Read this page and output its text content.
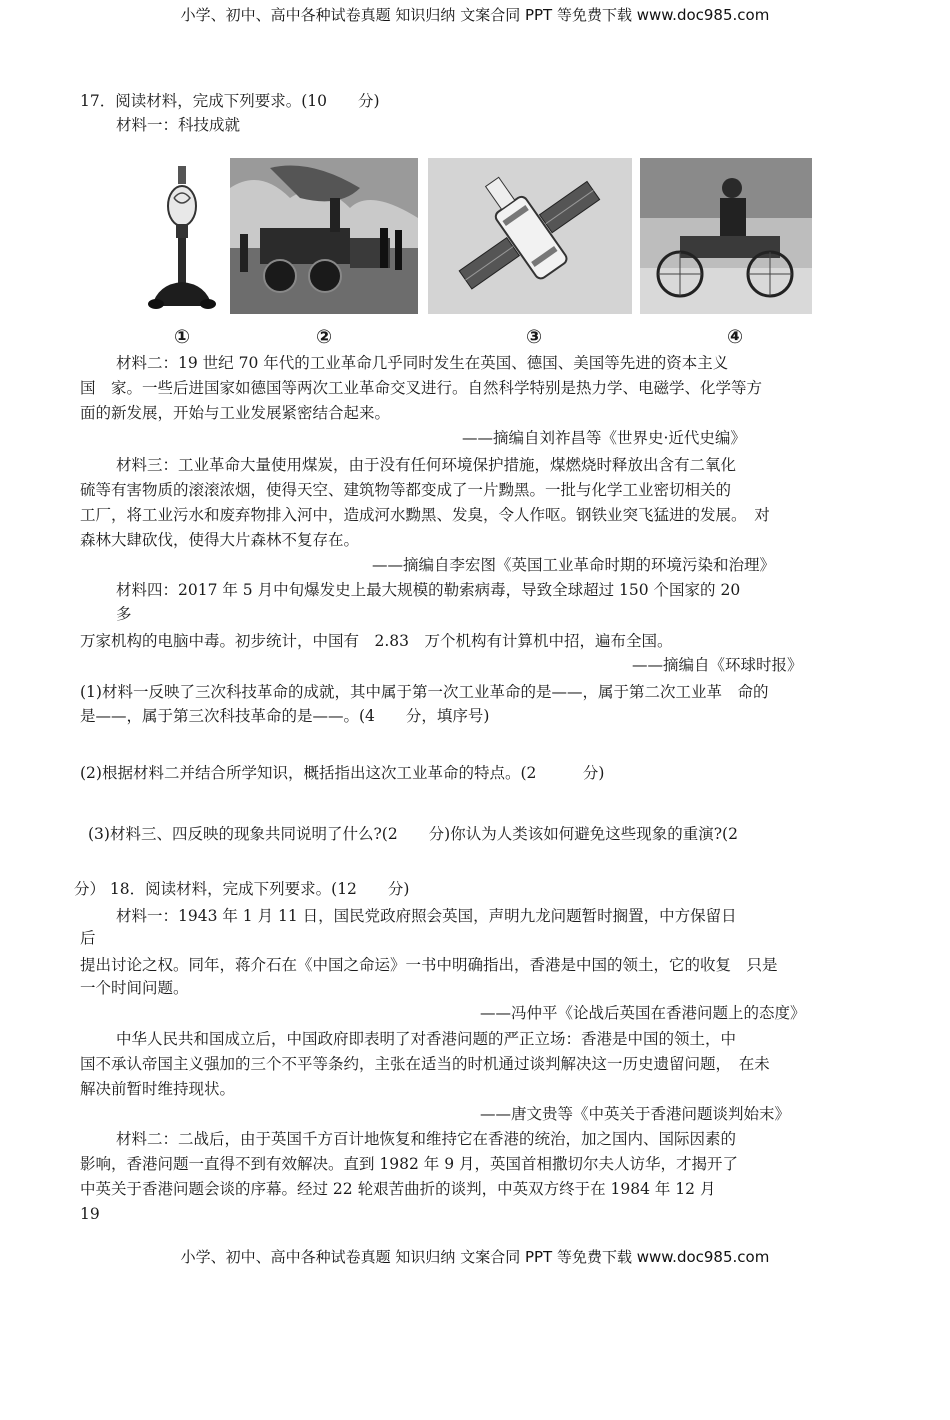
小学、初中、高中各种试卷真题 知识归纳 文案合同 PPT 等免费下载 www.doc985.com
17．阅读材料，完成下列要求。(10　　分)
材料一：科技成就
①	②	③	④
材料二：19 世纪 70 年代的工业革命几乎同时发生在英国、德国、美国等先进的资本主义
国　家。一些后进国家如德国等两次工业革命交叉进行。自然科学特别是热力学、电磁学、化学等方
面的新发展，开始与工业发展紧密结合起来。
——摘编自刘祚昌等《世界史·近代史编》
材料三：工业革命大量使用煤炭，由于没有任何环境保护措施，煤燃烧时释放出含有二氧化
硫等有害物质的滚滚浓烟，使得天空、建筑物等都变成了一片黝黑。一批与化学工业密切相关的
工厂，将工业污水和废弃物排入河中，造成河水黝黑、发臭，令人作呕。钢铁业突飞猛进的发展。　对
森林大肆砍伐，使得大片森林不复存在。
——摘编自李宏图《英国工业革命时期的环境污染和治理》
材料四：2017 年 5 月中旬爆发史上最大规模的勒索病毒，导致全球超过 150 个国家的 20
多
万家机构的电脑中毒。初步统计，中国有　2.83　万个机构有计算机中招，遍布全国。
——摘编自《环球时报》
(1)材料一反映了三次科技革命的成就，其中属于第一次工业革命的是——，属于第二次工业革　命的
是——，属于第三次科技革命的是——。(4　　分，填序号)
(2)根据材料二并结合所学知识，概括指出这次工业革命的特点。(2　　　分)
(3)材料三、四反映的现象共同说明了什么?(2　　分)你认为人类该如何避免这些现象的重演?(2
分） 18．阅读材料，完成下列要求。(12　　分)
材料一：1943 年 1 月 11 日，国民党政府照会英国，声明九龙问题暂时搁置，中方保留日
后
提出讨论之权。同年，蒋介石在《中国之命运》一书中明确指出，香港是中国的领土，它的收复　只是
一个时间问题。
——冯仲平《论战后英国在香港问题上的态度》
中华人民共和国成立后，中国政府即表明了对香港问题的严正立场：香港是中国的领土，中
国不承认帝国主义强加的三个不平等条约，主张在适当的时机通过谈判解决这一历史遗留问题，　在未
解决前暂时维持现状。
——唐文贵等《中英关于香港问题谈判始末》
材料二：二战后，由于英国千方百计地恢复和维持它在香港的统治，加之国内、国际因素的
影响，香港问题一直得不到有效解决。直到 1982 年 9 月，英国首相撒切尔夫人访华，才揭开了
中英关于香港问题会谈的序幕。经过 22 轮艰苦曲折的谈判，中英双方终于在 1984 年 12 月
19
小学、初中、高中各种试卷真题 知识归纳 文案合同 PPT 等免费下载 www.doc985.com
